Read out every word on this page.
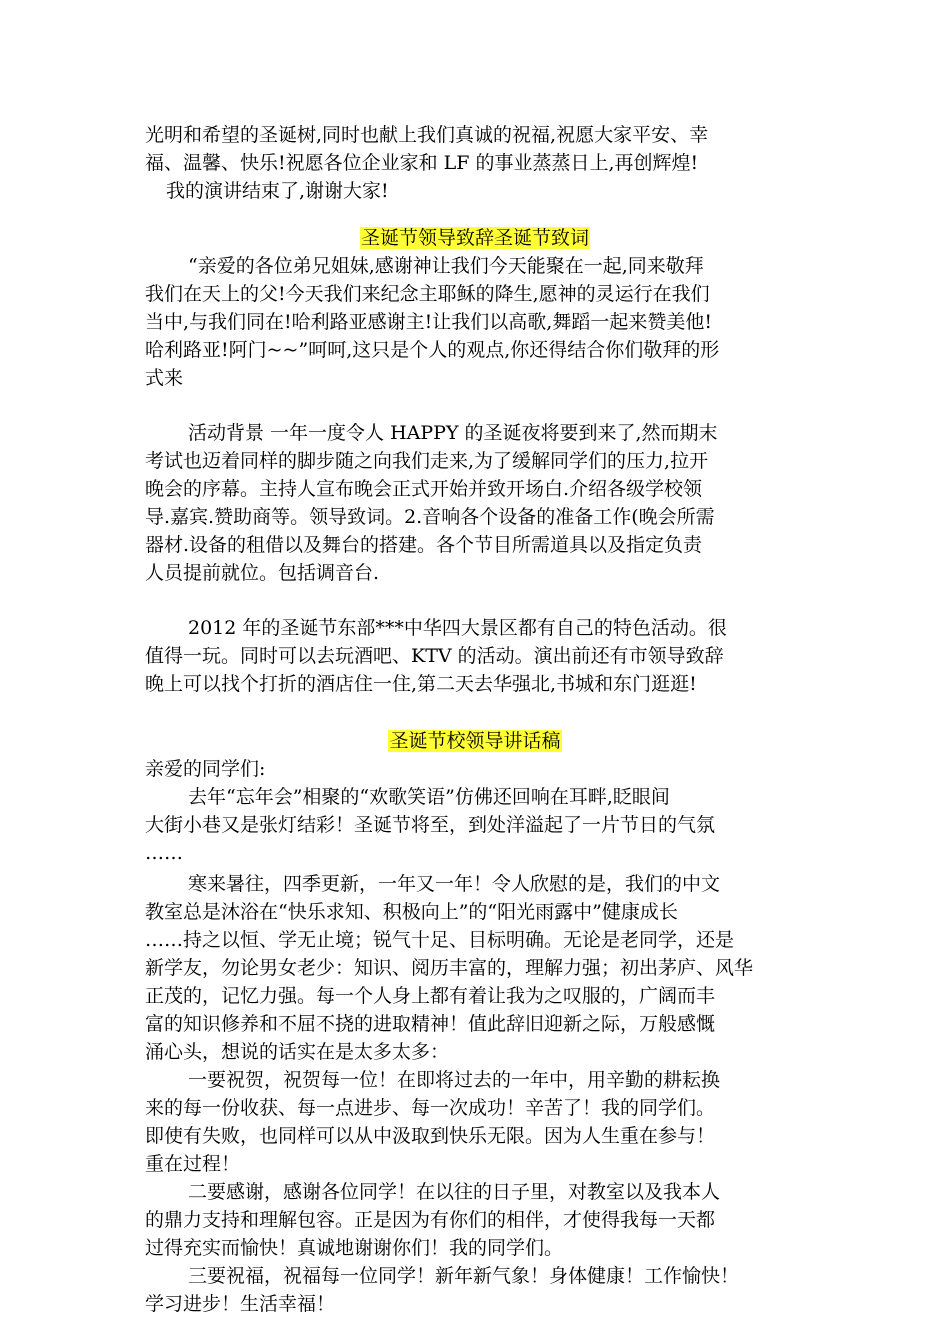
光明和希望的圣诞树,同时也献上我们真诚的祝福,祝愿大家平安、幸
福、温馨、快乐!祝愿各位企业家和 LF 的事业蒸蒸日上,再创辉煌!
我的演讲结束了,谢谢大家!
圣诞节领导致辞圣诞节致词
“亲爱的各位弟兄姐妹,感谢神让我们今天能聚在一起,同来敬拜
我们在天上的父!今天我们来纪念主耶稣的降生,愿神的灵运行在我们
当中,与我们同在!哈利路亚感谢主!让我们以高歌,舞蹈一起来赞美他!
哈利路亚!阿门~~”呵呵,这只是个人的观点,你还得结合你们敬拜的形
式来
活动背景 一年一度令人 HAPPY 的圣诞夜将要到来了,然而期末
考试也迈着同样的脚步随之向我们走来,为了缓解同学们的压力,拉开
晚会的序幕。主持人宣布晚会正式开始并致开场白.介绍各级学校领
导.嘉宾.赞助商等。领导致词。2.音响各个设备的准备工作(晚会所需
器材.设备的租借以及舞台的搭建。各个节目所需道具以及指定负责
人员提前就位。包括调音台.
2012 年的圣诞节东部***中华四大景区都有自己的特色活动。很
值得一玩。同时可以去玩酒吧、KTV 的活动。演出前还有市领导致辞
晚上可以找个打折的酒店住一住,第二天去华强北,书城和东门逛逛!
圣诞节校领导讲话稿
亲爱的同学们:
去年“忘年会”相聚的“欢歌笑语”仿佛还回响在耳畔,眨眼间
大街小巷又是张灯结彩！圣诞节将至，到处洋溢起了一片节日的气氛
……
寒来暑往，四季更新，一年又一年！令人欣慰的是，我们的中文
教室总是沐浴在“快乐求知、积极向上”的“阳光雨露中”健康成长
……持之以恒、学无止境；锐气十足、目标明确。无论是老同学，还是
新学友，勿论男女老少：知识、阅历丰富的，理解力强；初出茅庐、风华
正茂的，记忆力强。每一个人身上都有着让我为之叹服的，广阔而丰
富的知识修养和不屈不挠的进取精神！值此辞旧迎新之际，万般感慨
涌心头，想说的话实在是太多太多：
一要祝贺，祝贺每一位！在即将过去的一年中，用辛勤的耕耘换
来的每一份收获、每一点进步、每一次成功！辛苦了！我的同学们。
即使有失败，也同样可以从中汲取到快乐无限。因为人生重在参与！
重在过程！
二要感谢，感谢各位同学！在以往的日子里，对教室以及我本人
的鼎力支持和理解包容。正是因为有你们的相伴，才使得我每一天都
过得充实而愉快！真诚地谢谢你们！我的同学们。
三要祝福，祝福每一位同学！新年新气象！身体健康！工作愉快！
学习进步！生活幸福！
